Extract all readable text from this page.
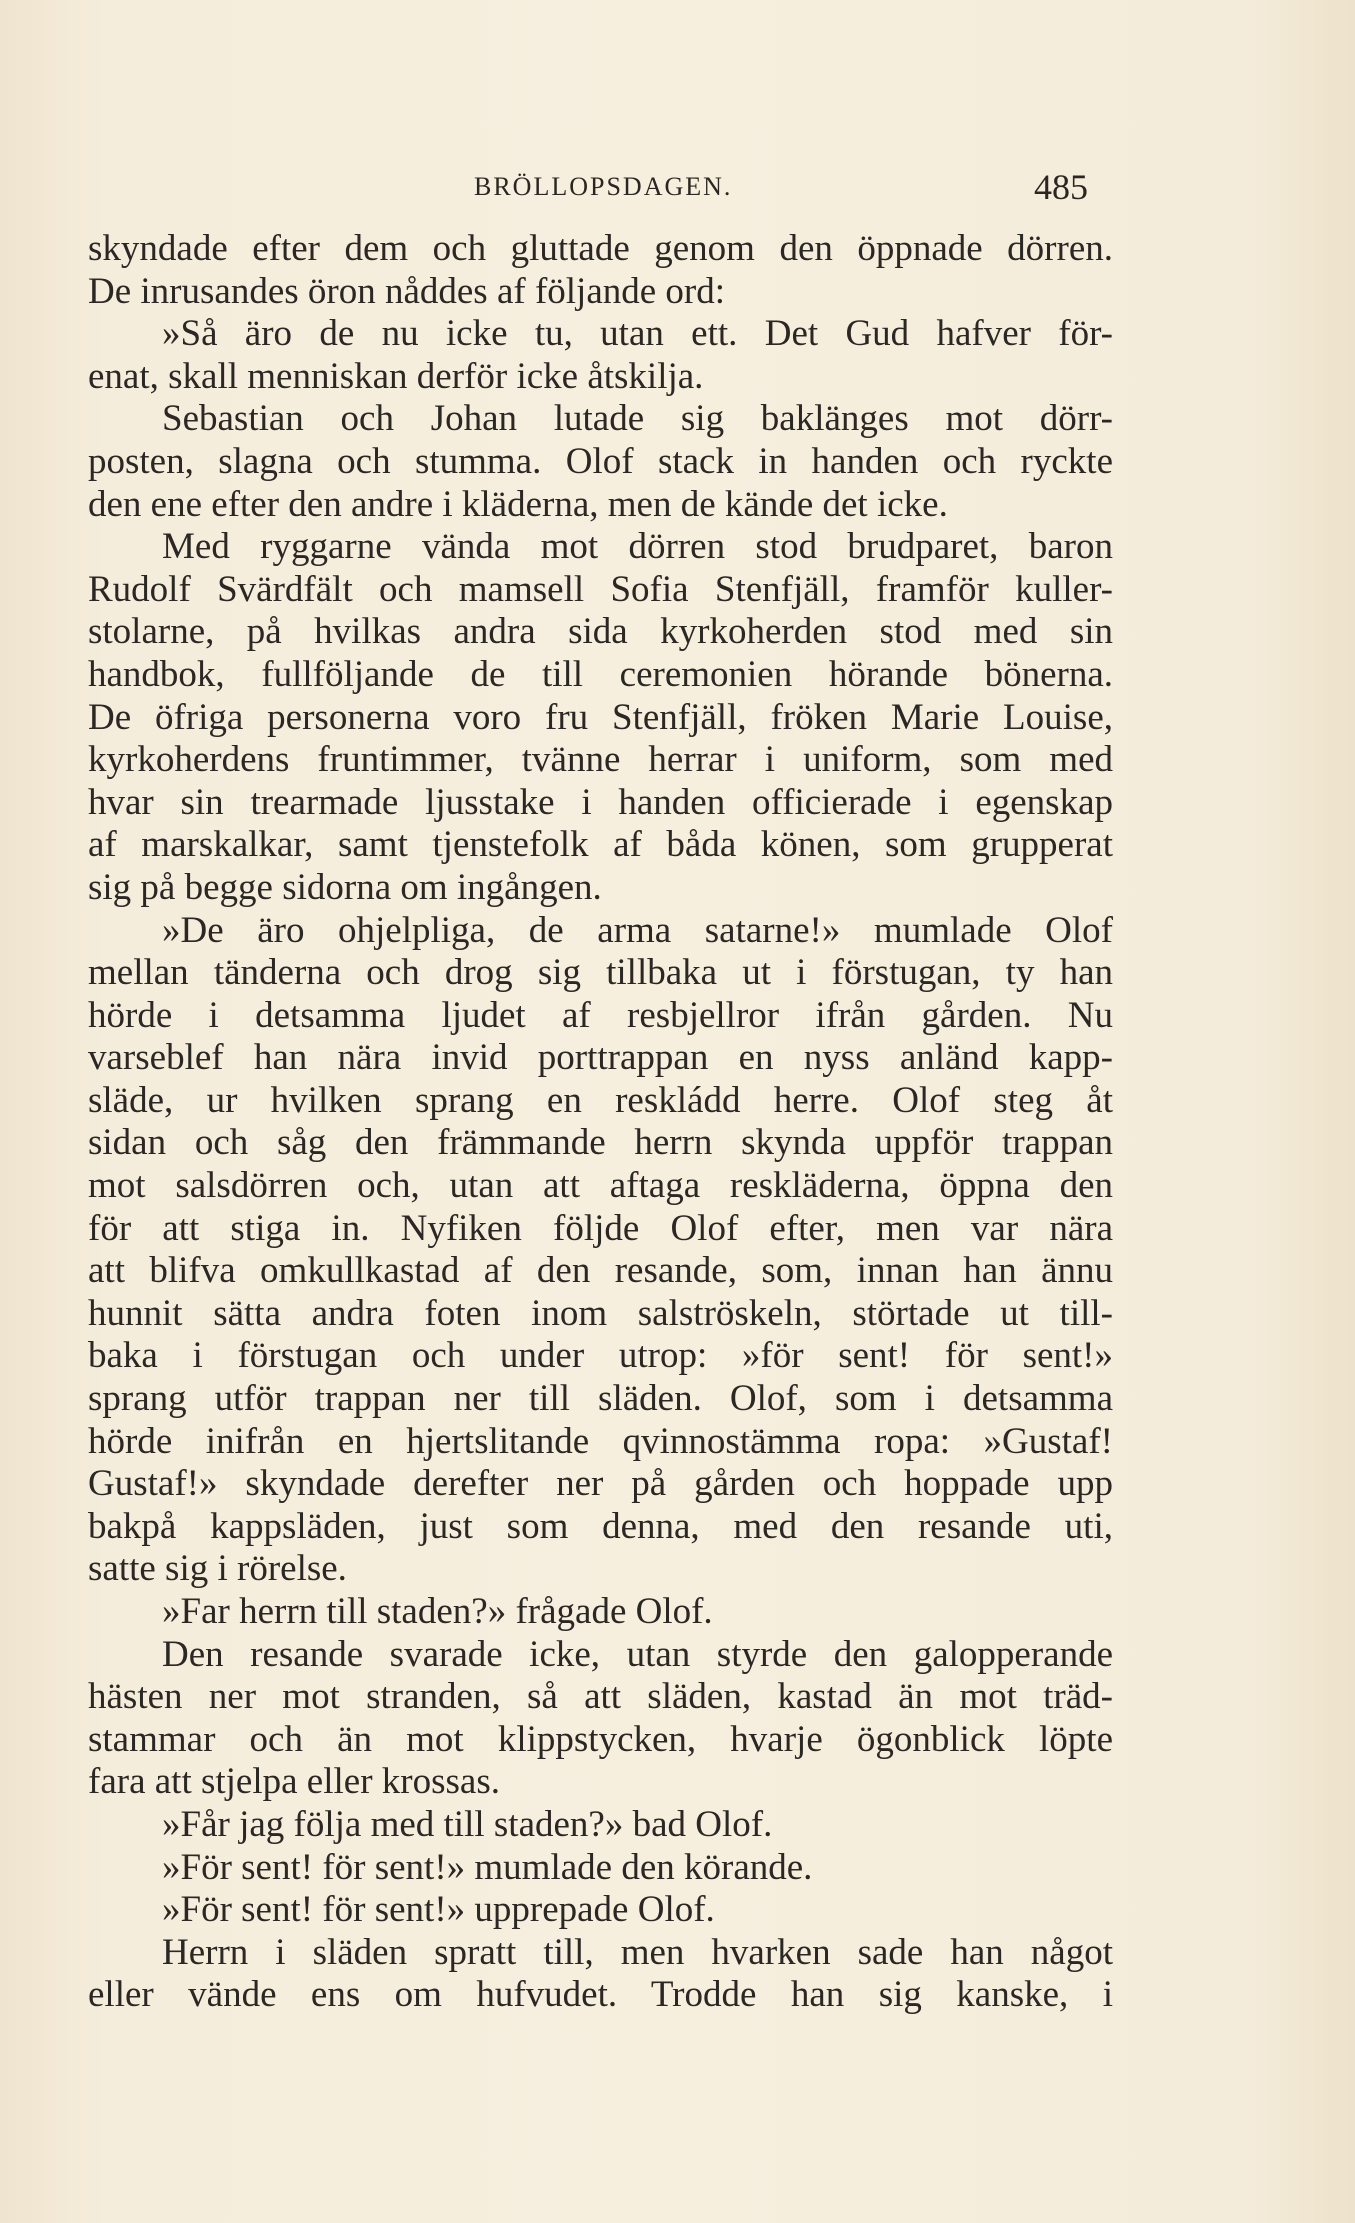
BRÖLLOPSDAGEN.	485
skyndade efter dem och gluttade genom den öppnade dörren.
De inrusandes öron nåddes af följande ord:
»Så äro de nu icke tu, utan ett. Det Gud hafver för-
enat, skall menniskan derför icke åtskilja.
Sebastian och Johan lutade sig baklänges mot dörr-
posten, slagna och stumma. Olof stack in handen och ryckte
den ene efter den andre i kläderna, men de kände det icke.
Med ryggarne vända mot dörren stod brudparet, baron
Rudolf Svärdfält och mamsell Sofia Stenfjäll, framför kuller-
stolarne, på hvilkas andra sida kyrkoherden stod med sin
handbok, fullföljande de till ceremonien hörande bönerna.
De öfriga personerna voro fru Stenfjäll, fröken Marie Louise,
kyrkoherdens fruntimmer, tvänne herrar i uniform, som med
hvar sin trearmade ljusstake i handen officierade i egenskap
af marskalkar, samt tjenstefolk af båda könen, som grupperat
sig på begge sidorna om ingången.
»De äro ohjelpliga, de arma satarne!» mumlade Olof
mellan tänderna och drog sig tillbaka ut i förstugan, ty han
hörde i detsamma ljudet af resbjellror ifrån gården. Nu
varseblef han nära invid porttrappan en nyss anländ kapp-
släde, ur hvilken sprang en reskládd herre. Olof steg åt
sidan och såg den främmande herrn skynda uppför trappan
mot salsdörren och, utan att aftaga reskläderna, öppna den
för att stiga in. Nyfiken följde Olof efter, men var nära
att blifva omkullkastad af den resande, som, innan han ännu
hunnit sätta andra foten inom salströskeln, störtade ut till-
baka i förstugan och under utrop: »för sent! för sent!»
sprang utför trappan ner till släden. Olof, som i detsamma
hörde inifrån en hjertslitande qvinnostämma ropa: »Gustaf!
Gustaf!» skyndade derefter ner på gården och hoppade upp
bakpå kappsläden, just som denna, med den resande uti,
satte sig i rörelse.
»Far herrn till staden?» frågade Olof.
Den resande svarade icke, utan styrde den galopperande
hästen ner mot stranden, så att släden, kastad än mot träd-
stammar och än mot klippstycken, hvarje ögonblick löpte
fara att stjelpa eller krossas.
»Får jag följa med till staden?» bad Olof.
»För sent! för sent!» mumlade den körande.
»För sent! för sent!» upprepade Olof.
Herrn i släden spratt till, men hvarken sade han något
eller vände ens om hufvudet. Trodde han sig kanske, i
